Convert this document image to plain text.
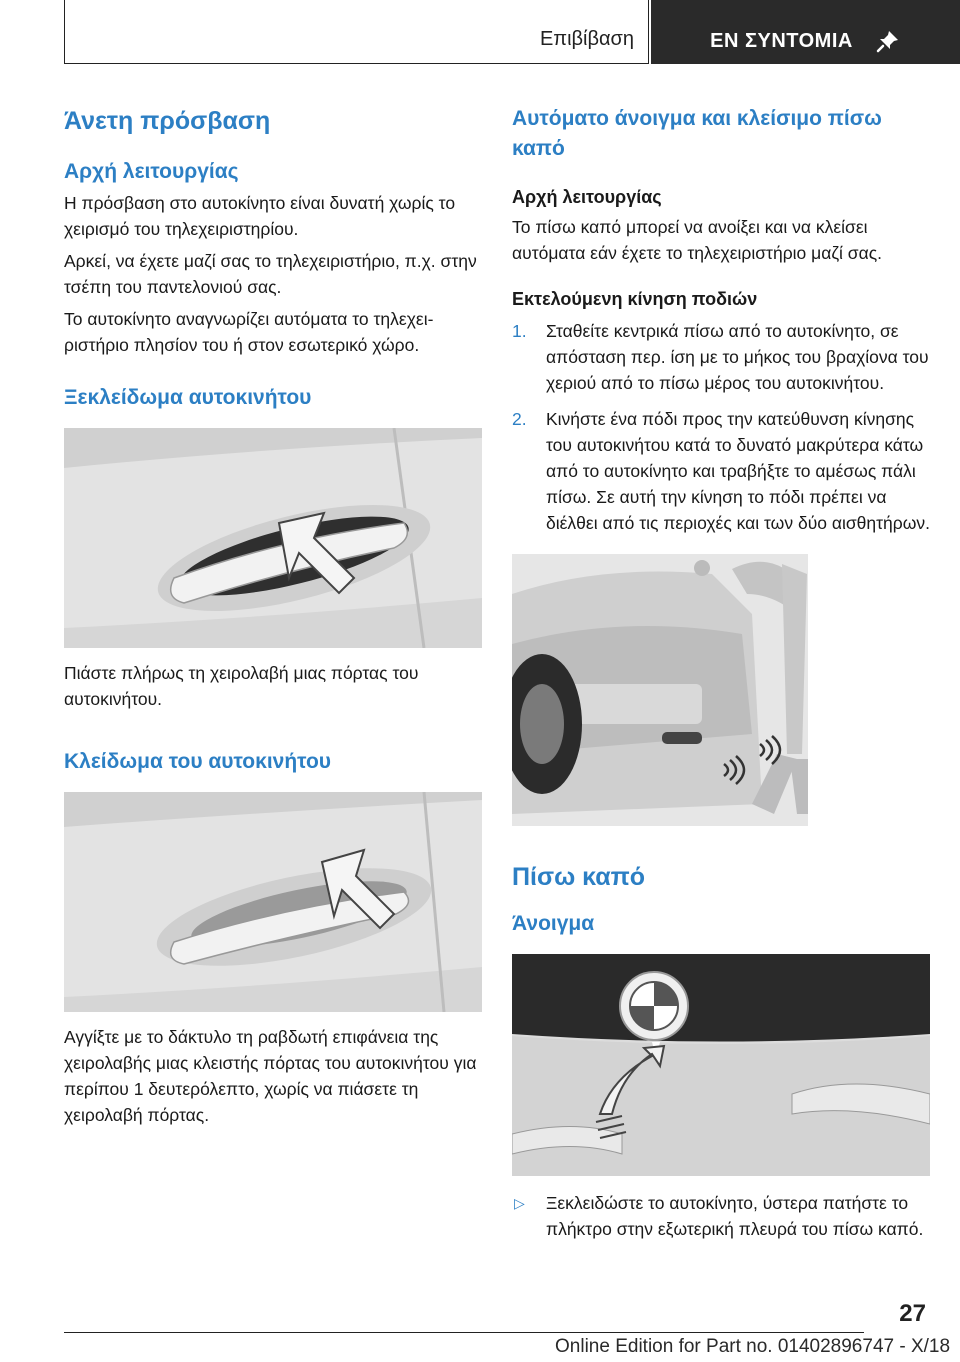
Επιβίβαση	ΕΝ ΣΥΝΤΟΜΙΑ
Άνετη πρόσβαση
Αρχή λειτουργίας

Η πρόσβαση στο αυτοκίνητο είναι δυνατή χωρίς το χειρισμό του τηλεχειριστηρίου.

Αρκεί, να έχετε μαζί σας το τηλεχειριστήριο, π.χ. στην τσέπη του παντελονιού σας.

Το αυτοκίνητο αναγνωρίζει αυτόματα το τηλεχειριστήριο πλησίον του ή στον εσωτερικό χώρο.

Ξεκλείδωμα αυτοκινήτου

Πιάστε πλήρως τη χειρολαβή μιας πόρτας του αυτοκινήτου.

Κλείδωμα του αυτοκινήτου

Αγγίξτε με το δάκτυλο τη ραβδωτή επιφάνεια της χειρολαβής μιας κλειστής πόρτας του αυτοκινήτου για περίπου 1 δευτερόλεπτο, χωρίς να πιάσετε τη χειρολαβή πόρτας.

Αυτόματο άνοιγμα και κλείσιμο πίσω καπό
Αρχή λειτουργίας

Το πίσω καπό μπορεί να ανοίξει και να κλείσει αυτόματα εάν έχετε το τηλεχειριστήριο μαζί σας.

Εκτελούμενη κίνηση ποδιών
1. Σταθείτε κεντρικά πίσω από το αυτοκίνητο, σε απόσταση περ. ίση με το μήκος του βραχίονα του χεριού από το πίσω μέρος του αυτοκινήτου.
2. Κινήστε ένα πόδι προς την κατεύθυνση κίνησης του αυτοκινήτου κατά το δυνατό μακρύτερα κάτω από το αυτοκίνητο και τραβήξτε το αμέσως πάλι πίσω. Σε αυτή την κίνηση το πόδι πρέπει να διέλθει από τις περιοχές και των δύο αισθητήρων.
Πίσω καπό
Άνοιγμα
▷ Ξεκλειδώστε το αυτοκίνητο, ύστερα πατήστε το πλήκτρο στην εξωτερική πλευρά του πίσω καπό.
27
Online Edition for Part no. 01402896747 - X/18
